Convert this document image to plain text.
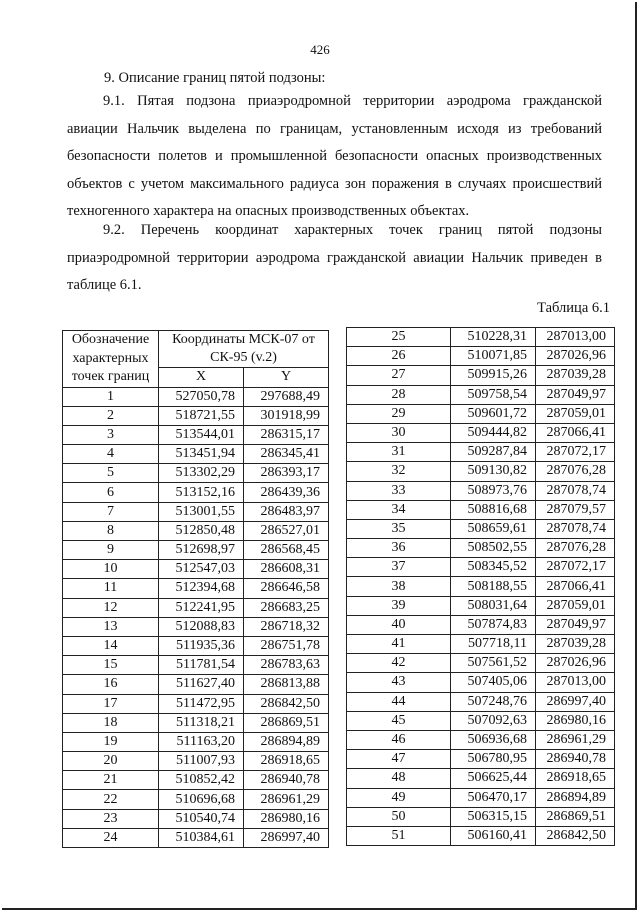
426
9. Описание границ пятой подзоны:

9.1. Пятая подзона приаэродромной территории аэродрома гражданской авиации Нальчик выделена по границам, установленным исходя из требований безопасности полетов и промышленной безопасности опасных производственных объектов с учетом максимального радиуса зон поражения в случаях происшествий техногенного характера на опасных производственных объектах.

9.2. Перечень координат характерных точек границ пятой подзоны приаэродромной территории аэродрома гражданской авиации Нальчик приведен в таблице 6.1.

Таблица 6.1
Обозначение характерных точек границ	Координаты МСК-07 от СК-95 (v.2)	
	X	Y
1	527050,78	297688,49
2	518721,55	301918,99
3	513544,01	286315,17
4	513451,94	286345,41
5	513302,29	286393,17
6	513152,16	286439,36
7	513001,55	286483,97
8	512850,48	286527,01
9	512698,97	286568,45
10	512547,03	286608,31
11	512394,68	286646,58
12	512241,95	286683,25
13	512088,83	286718,32
14	511935,36	286751,78
15	511781,54	286783,63
16	511627,40	286813,88
17	511472,95	286842,50
18	511318,21	286869,51
19	511163,20	286894,89
20	511007,93	286918,65
21	510852,42	286940,78
22	510696,68	286961,29
23	510540,74	286980,16
24	510384,61	286997,40
25	510228,31	287013,00
26	510071,85	287026,96
27	509915,26	287039,28
28	509758,54	287049,97
29	509601,72	287059,01
30	509444,82	287066,41
31	509287,84	287072,17
32	509130,82	287076,28
33	508973,76	287078,74
34	508816,68	287079,57
35	508659,61	287078,74
36	508502,55	287076,28
37	508345,52	287072,17
38	508188,55	287066,41
39	508031,64	287059,01
40	507874,83	287049,97
41	507718,11	287039,28
42	507561,52	287026,96
43	507405,06	287013,00
44	507248,76	286997,40
45	507092,63	286980,16
46	506936,68	286961,29
47	506780,95	286940,78
48	506625,44	286918,65
49	506470,17	286894,89
50	506315,15	286869,51
51	506160,41	286842,50
